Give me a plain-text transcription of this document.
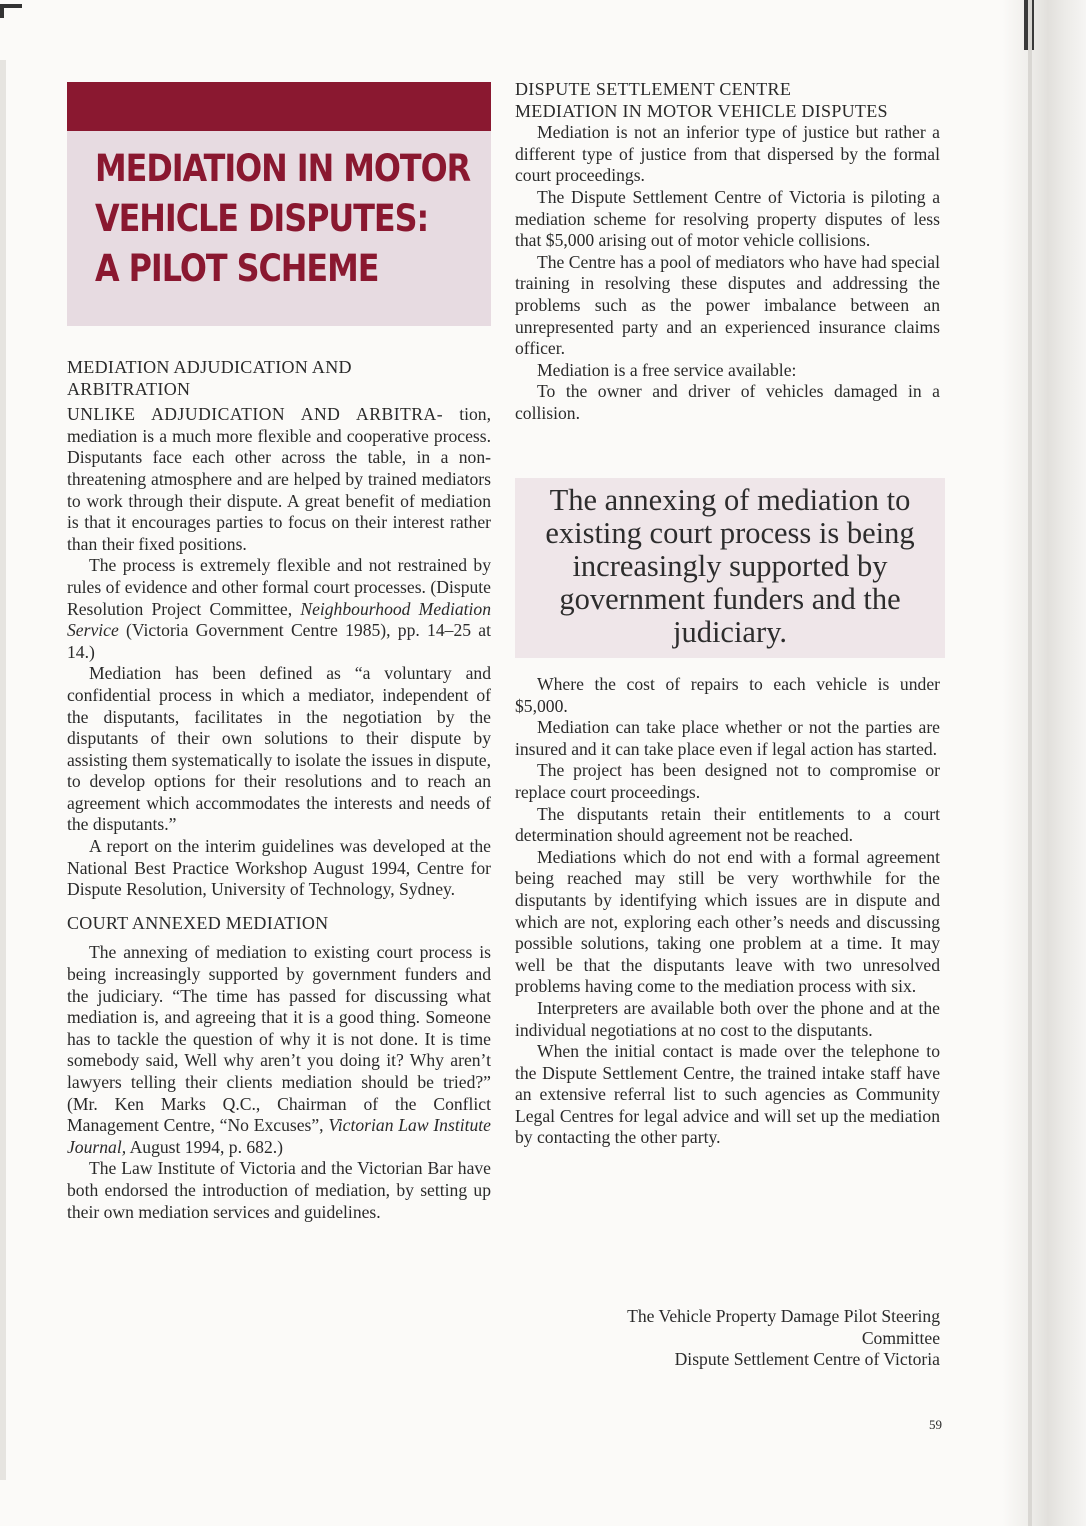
MEDIATION IN MOTOR
VEHICLE DISPUTES:
A PILOT SCHEME
MEDIATION ADJUDICATION AND
ARBITRATION

UNLIKE ADJUDICATION AND ARBITRA- tion, mediation is a much more flexible and cooperative process. Disputants face each other across the table, in a non-threatening atmosphere and are helped by trained mediators to work through their dispute. A great benefit of mediation is that it encourages parties to focus on their interest rather than their fixed positions.

The process is extremely flexible and not restrained by rules of evidence and other formal court processes. (Dispute Resolution Project Committee, Neighbourhood Mediation Service (Victoria Government Centre 1985), pp. 14–25 at 14.)

Mediation has been defined as “a voluntary and confidential process in which a mediator, independent of the disputants, facilitates in the negotiation by the disputants of their own solutions to their dispute by assisting them systematically to isolate the issues in dispute, to develop options for their resolutions and to reach an agreement which accommodates the interests and needs of the disputants.”

A report on the interim guidelines was developed at the National Best Practice Workshop August 1994, Centre for Dispute Resolution, University of Technology, Sydney.

COURT ANNEXED MEDIATION

The annexing of mediation to existing court process is being increasingly supported by government funders and the judiciary. “The time has passed for discussing what mediation is, and agreeing that it is a good thing. Someone has to tackle the question of why it is not done. It is time somebody said, Well why aren’t you doing it? Why aren’t lawyers telling their clients mediation should be tried?” (Mr. Ken Marks Q.C., Chairman of the Conflict Management Centre, “No Excuses”, Victorian Law Institute Journal, August 1994, p. 682.)

The Law Institute of Victoria and the Victorian Bar have both endorsed the introduction of mediation, by setting up their own mediation services and guidelines.

DISPUTE SETTLEMENT CENTRE
MEDIATION IN MOTOR VEHICLE DISPUTES

Mediation is not an inferior type of justice but rather a different type of justice from that dispersed by the formal court proceedings.

The Dispute Settlement Centre of Victoria is piloting a mediation scheme for resolving property disputes of less that $5,000 arising out of motor vehicle collisions.

The Centre has a pool of mediators who have had special training in resolving these disputes and addressing the problems such as the power imbalance between an unrepresented party and an experienced insurance claims officer.

Mediation is a free service available:

To the owner and driver of vehicles damaged in a collision.

The annexing of mediation to existing court process is being increasingly supported by government funders and the judiciary.

Where the cost of repairs to each vehicle is under $5,000.

Mediation can take place whether or not the parties are insured and it can take place even if legal action has started.

The project has been designed not to compromise or replace court proceedings.

The disputants retain their entitlements to a court determination should agreement not be reached.

Mediations which do not end with a formal agreement being reached may still be very worthwhile for the disputants by identifying which issues are in dispute and which are not, exploring each other’s needs and discussing possible solutions, taking one problem at a time. It may well be that the disputants leave with two unresolved problems having come to the mediation process with six.

Interpreters are available both over the phone and at the individual negotiations at no cost to the disputants.

When the initial contact is made over the telephone to the Dispute Settlement Centre, the trained intake staff have an extensive referral list to such agencies as Community Legal Centres for legal advice and will set up the mediation by contacting the other party.

The Vehicle Property Damage Pilot Steering
Committee
Dispute Settlement Centre of Victoria
59
